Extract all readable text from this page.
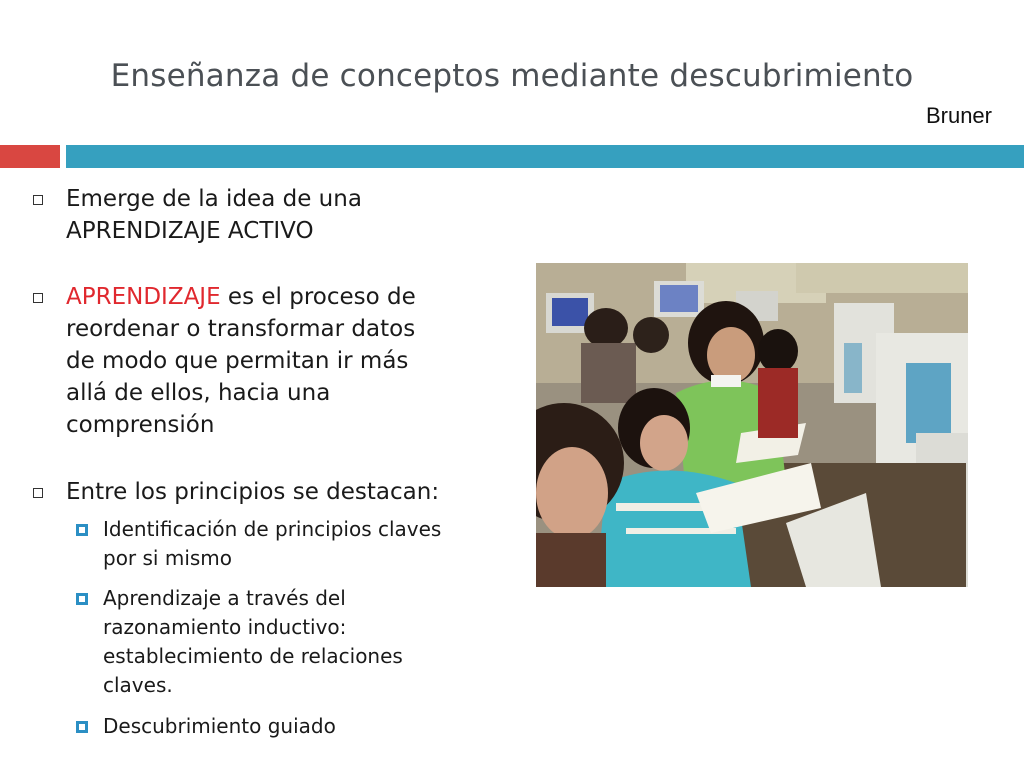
Enseñanza de conceptos mediante descubrimiento
Bruner
Emerge de la idea de una
APRENDIZAJE ACTIVO
APRENDIZAJE es el proceso de
reordenar o transformar datos
de modo que permitan ir más
allá de ellos, hacia una
comprensión
Entre los principios se destacan:
Identificación de principios claves
por si mismo
Aprendizaje a través del
razonamiento inductivo:
establecimiento de relaciones
claves.
Descubrimiento guiado
